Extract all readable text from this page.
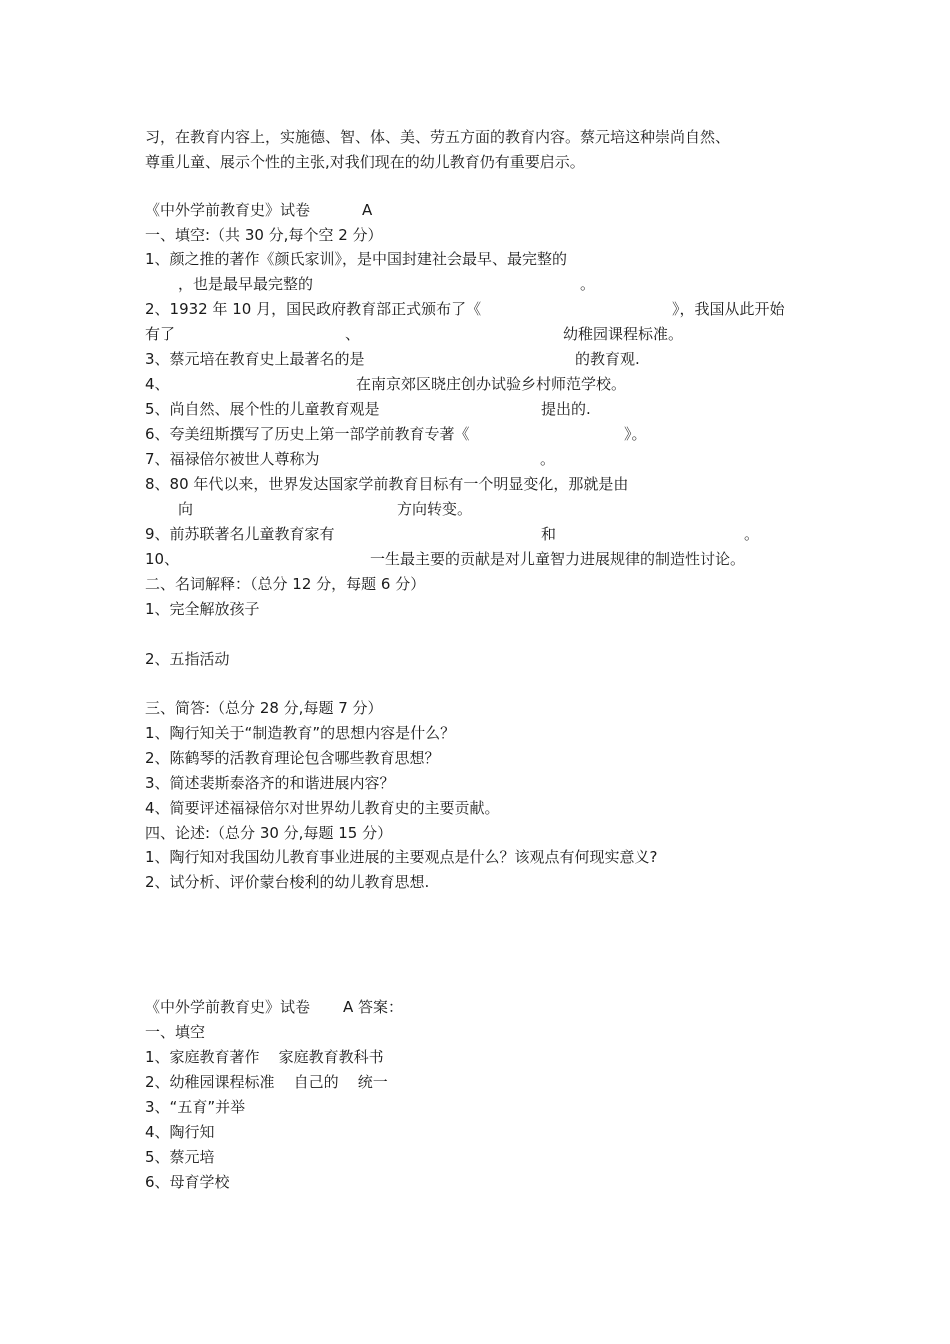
习，在教育内容上，实施德、智、体、美、劳五方面的教育内容。蔡元培这种崇尚自然、
尊重儿童、展示个性的主张,对我们现在的幼儿教育仍有重要启示。
《中外学前教育史》试卷	A
一、填空:（共 30 分,每个空 2 分）
1、颜之推的著作《颜氏家训》，是中国封建社会最早、最完整的
，也是最早最完整的	。
2、1932 年 10 月，国民政府教育部正式颁布了《	》，我国从此开始
有了	、	幼稚园课程标准。
3、蔡元培在教育史上最著名的是	的教育观.
4、	在南京郊区晓庄创办试验乡村师范学校。
5、尚自然、展个性的儿童教育观是	提出的.
6、夸美纽斯撰写了历史上第一部学前教育专著《	》。
7、福禄倍尔被世人尊称为	。
8、80 年代以来，世界发达国家学前教育目标有一个明显变化，那就是由
向	方向转变。
9、前苏联著名儿童教育家有	和	。
10、	一生最主要的贡献是对儿童智力进展规律的制造性讨论。
二、名词解释：（总分 12 分，每题 6 分）
1、完全解放孩子
2、五指活动
三、简答:（总分 28 分,每题 7 分）
1、陶行知关于“制造教育”的思想内容是什么？
2、陈鹤琴的活教育理论包含哪些教育思想？
3、简述裴斯泰洛齐的和谐进展内容？
4、简要评述福禄倍尔对世界幼儿教育史的主要贡献。
四、论述:（总分 30 分,每题 15 分）
1、陶行知对我国幼儿教育事业进展的主要观点是什么？该观点有何现实意义?
2、试分析、评价蒙台梭利的幼儿教育思想.
《中外学前教育史》试卷 A 答案：
一、填空
1、家庭教育著作    家庭教育教科书
2、幼稚园课程标准    自己的    统一
3、“五育”并举
4、陶行知
5、蔡元培
6、母育学校
